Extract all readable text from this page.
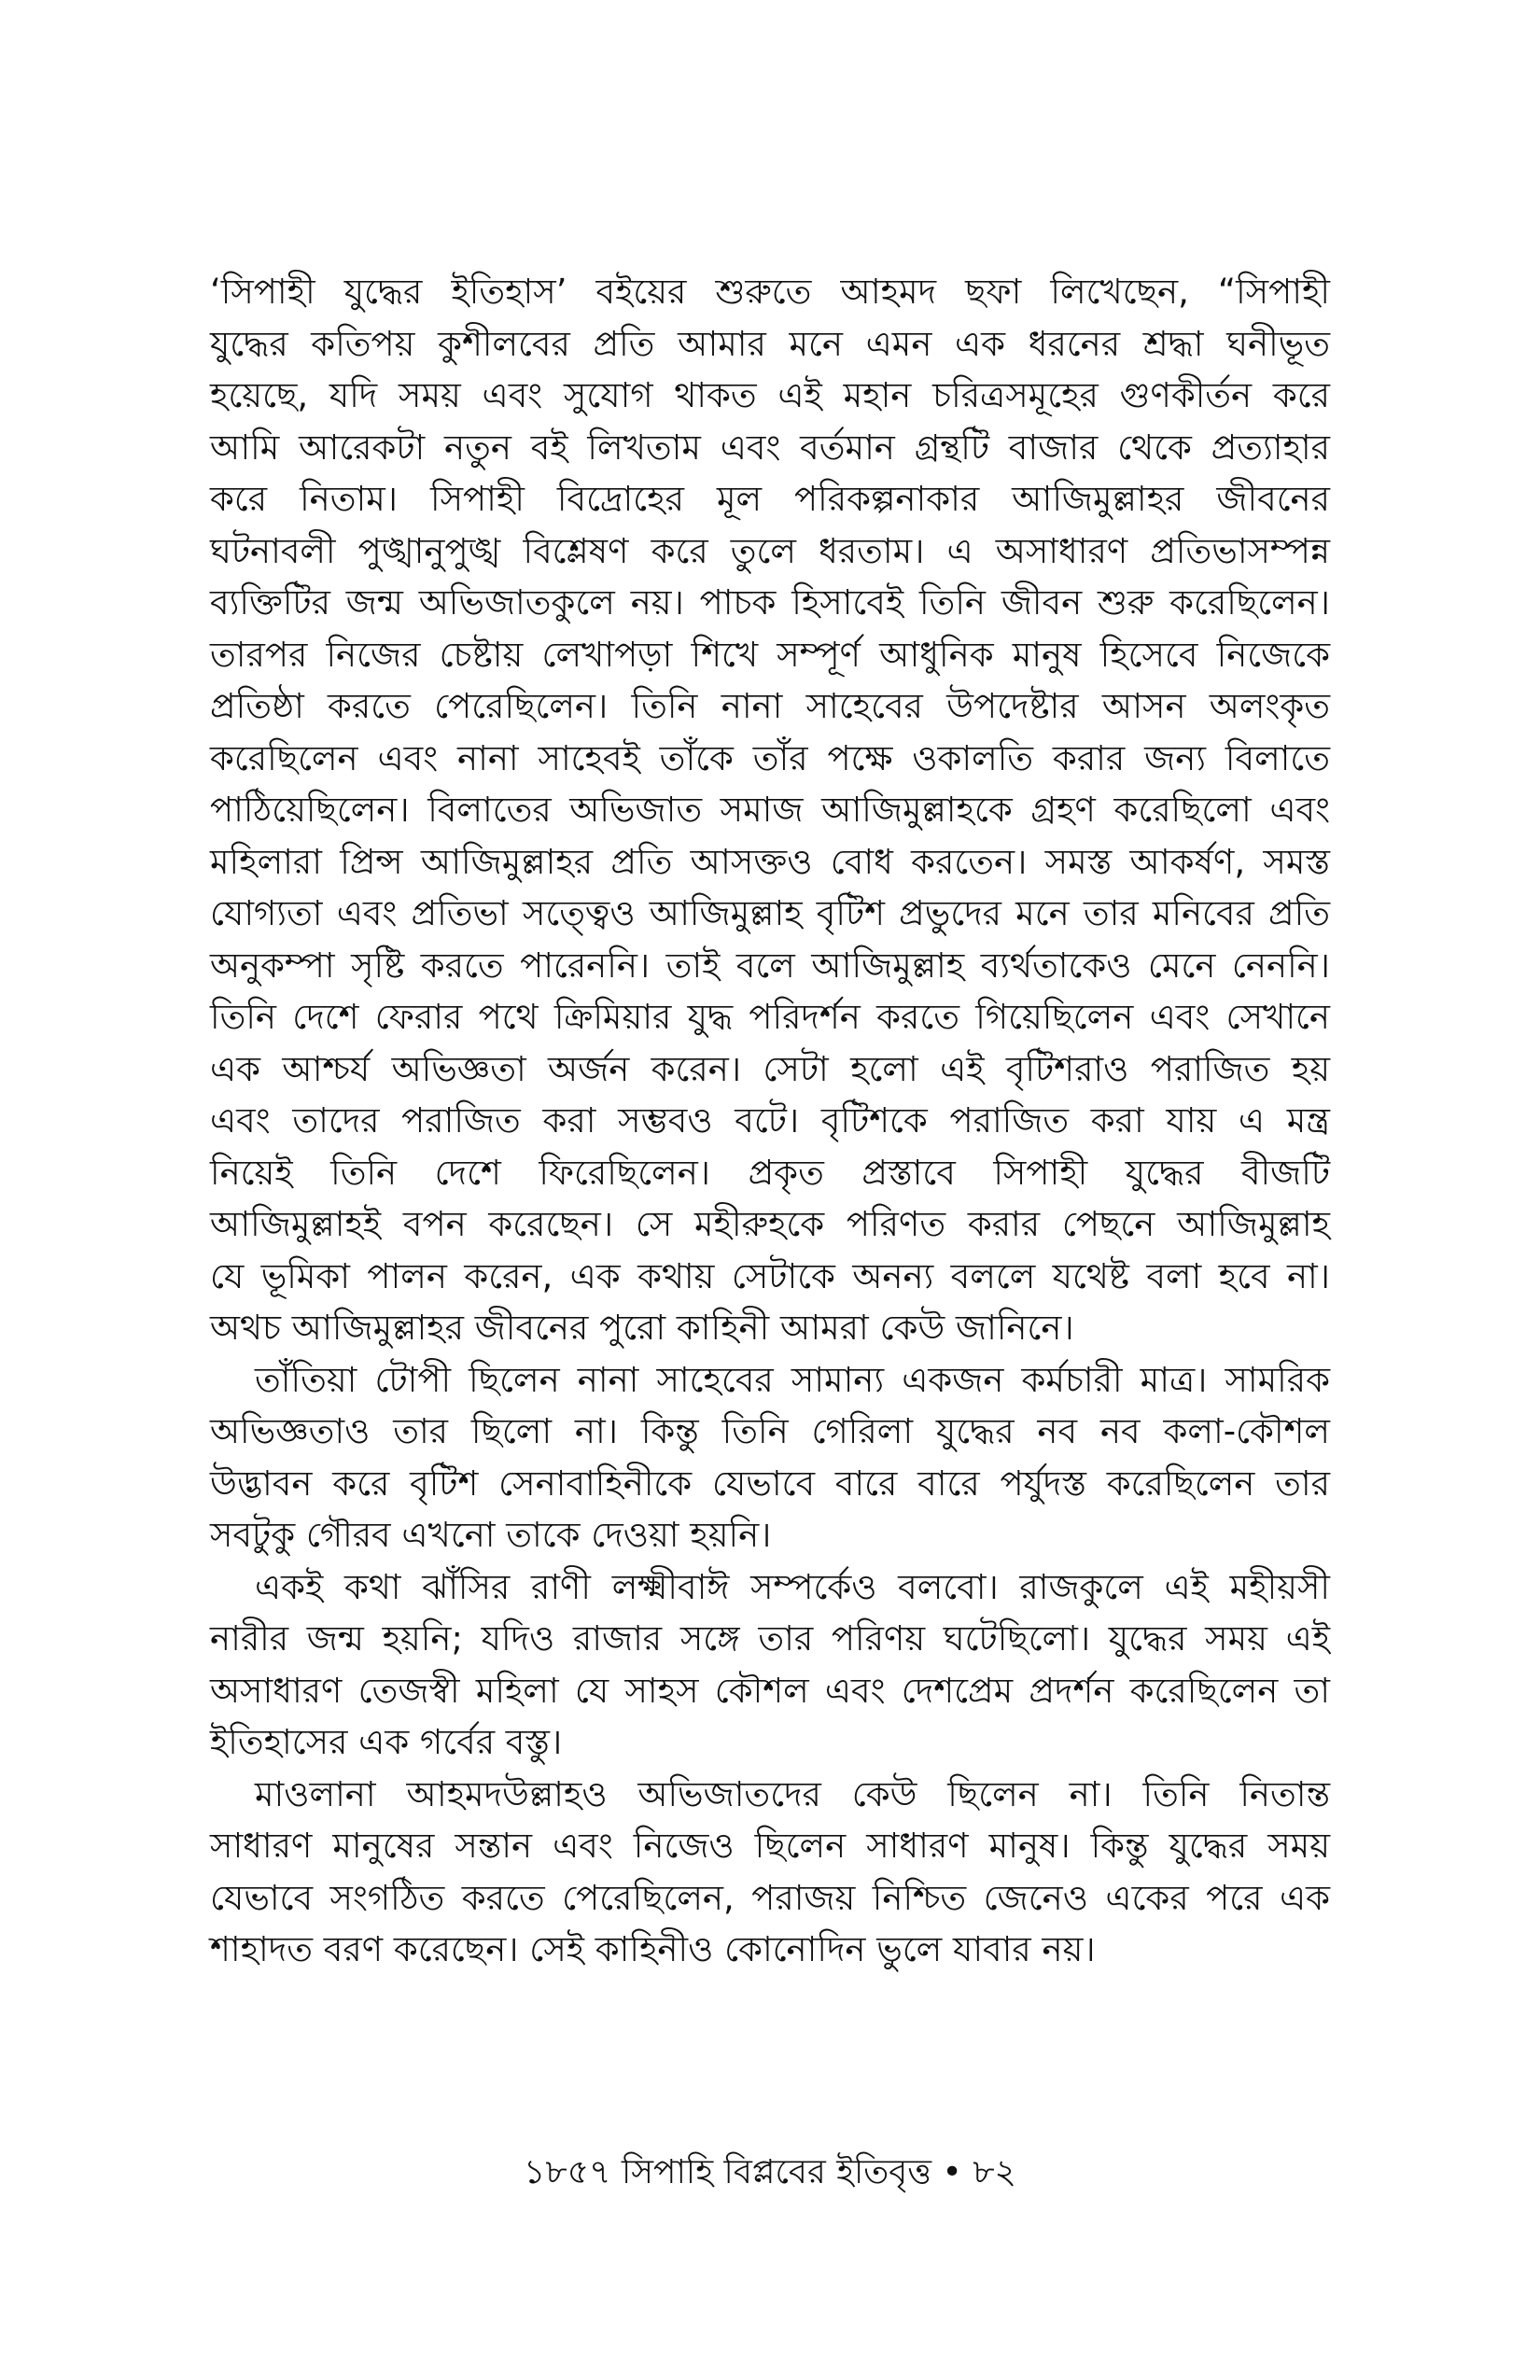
‘সিপাহী যুদ্ধের ইতিহাস’ বইয়ের শুরুতে আহমদ ছফা লিখেছেন, “সিপাহী
যুদ্ধের কতিপয় কুশীলবের প্রতি আমার মনে এমন এক ধরনের শ্রদ্ধা ঘনীভূত
হয়েছে, যদি সময় এবং সুযোগ থাকত এই মহান চরিত্রসমূহের গুণকীর্তন করে
আমি আরেকটা নতুন বই লিখতাম এবং বর্তমান গ্রন্থটি বাজার থেকে প্রত্যাহার
করে নিতাম। সিপাহী বিদ্রোহের মূল পরিকল্পনাকার আজিমুল্লাহর জীবনের
ঘটনাবলী পুঙ্খানুপুঙ্খ বিশ্লেষণ করে তুলে ধরতাম। এ অসাধারণ প্রতিভাসম্পন্ন
ব্যক্তিটির জন্ম অভিজাতকুলে নয়। পাচক হিসাবেই তিনি জীবন শুরু করেছিলেন।
তারপর নিজের চেষ্টায় লেখাপড়া শিখে সম্পূর্ণ আধুনিক মানুষ হিসেবে নিজেকে
প্রতিষ্ঠা করতে পেরেছিলেন। তিনি নানা সাহেবের উপদেষ্টার আসন অলংকৃত
করেছিলেন এবং নানা সাহেবই তাঁকে তাঁর পক্ষে ওকালতি করার জন্য বিলাতে
পাঠিয়েছিলেন। বিলাতের অভিজাত সমাজ আজিমুল্লাহকে গ্রহণ করেছিলো এবং
মহিলারা প্রিন্স আজিমুল্লাহর প্রতি আসক্তও বোধ করতেন। সমস্ত আকর্ষণ, সমস্ত
যোগ্যতা এবং প্রতিভা সত্ত্বেও আজিমুল্লাহ বৃটিশ প্রভুদের মনে তার মনিবের প্রতি
অনুকম্পা সৃষ্টি করতে পারেননি। তাই বলে আজিমুল্লাহ ব্যর্থতাকেও মেনে নেননি।
তিনি দেশে ফেরার পথে ক্রিমিয়ার যুদ্ধ পরিদর্শন করতে গিয়েছিলেন এবং সেখানে
এক আশ্চর্য অভিজ্ঞতা অর্জন করেন। সেটা হলো এই বৃটিশরাও পরাজিত হয়
এবং তাদের পরাজিত করা সম্ভবও বটে। বৃটিশকে পরাজিত করা যায় এ মন্ত্র
নিয়েই তিনি দেশে ফিরেছিলেন। প্রকৃত প্রস্তাবে সিপাহী যুদ্ধের বীজটি
আজিমুল্লাহই বপন করেছেন। সে মহীরুহকে পরিণত করার পেছনে আজিমুল্লাহ
যে ভূমিকা পালন করেন, এক কথায় সেটাকে অনন্য বললে যথেষ্ট বলা হবে না।
অথচ আজিমুল্লাহর জীবনের পুরো কাহিনী আমরা কেউ জানিনে।
তাঁতিয়া টোপী ছিলেন নানা সাহেবের সামান্য একজন কর্মচারী মাত্র। সামরিক
অভিজ্ঞতাও তার ছিলো না। কিন্তু তিনি গেরিলা যুদ্ধের নব নব কলা-কৌশল
উদ্ভাবন করে বৃটিশ সেনাবাহিনীকে যেভাবে বারে বারে পর্যুদস্ত করেছিলেন তার
সবটুকু গৌরব এখনো তাকে দেওয়া হয়নি।
একই কথা ঝাঁসির রাণী লক্ষ্মীবাঈ সম্পর্কেও বলবো। রাজকুলে এই মহীয়সী
নারীর জন্ম হয়নি; যদিও রাজার সঙ্গে তার পরিণয় ঘটেছিলো। যুদ্ধের সময় এই
অসাধারণ তেজস্বী মহিলা যে সাহস কৌশল এবং দেশপ্রেম প্রদর্শন করেছিলেন তা
ইতিহাসের এক গর্বের বস্তু।
মাওলানা আহমদউল্লাহও অভিজাতদের কেউ ছিলেন না। তিনি নিতান্ত
সাধারণ মানুষের সন্তান এবং নিজেও ছিলেন সাধারণ মানুষ। কিন্তু যুদ্ধের সময়
যেভাবে সংগঠিত করতে পেরেছিলেন, পরাজয় নিশ্চিত জেনেও একের পরে এক
শাহাদত বরণ করেছেন। সেই কাহিনীও কোনোদিন ভুলে যাবার নয়।
১৮৫৭ সিপাহি বিপ্লবের ইতিবৃত্ত • ৮২
